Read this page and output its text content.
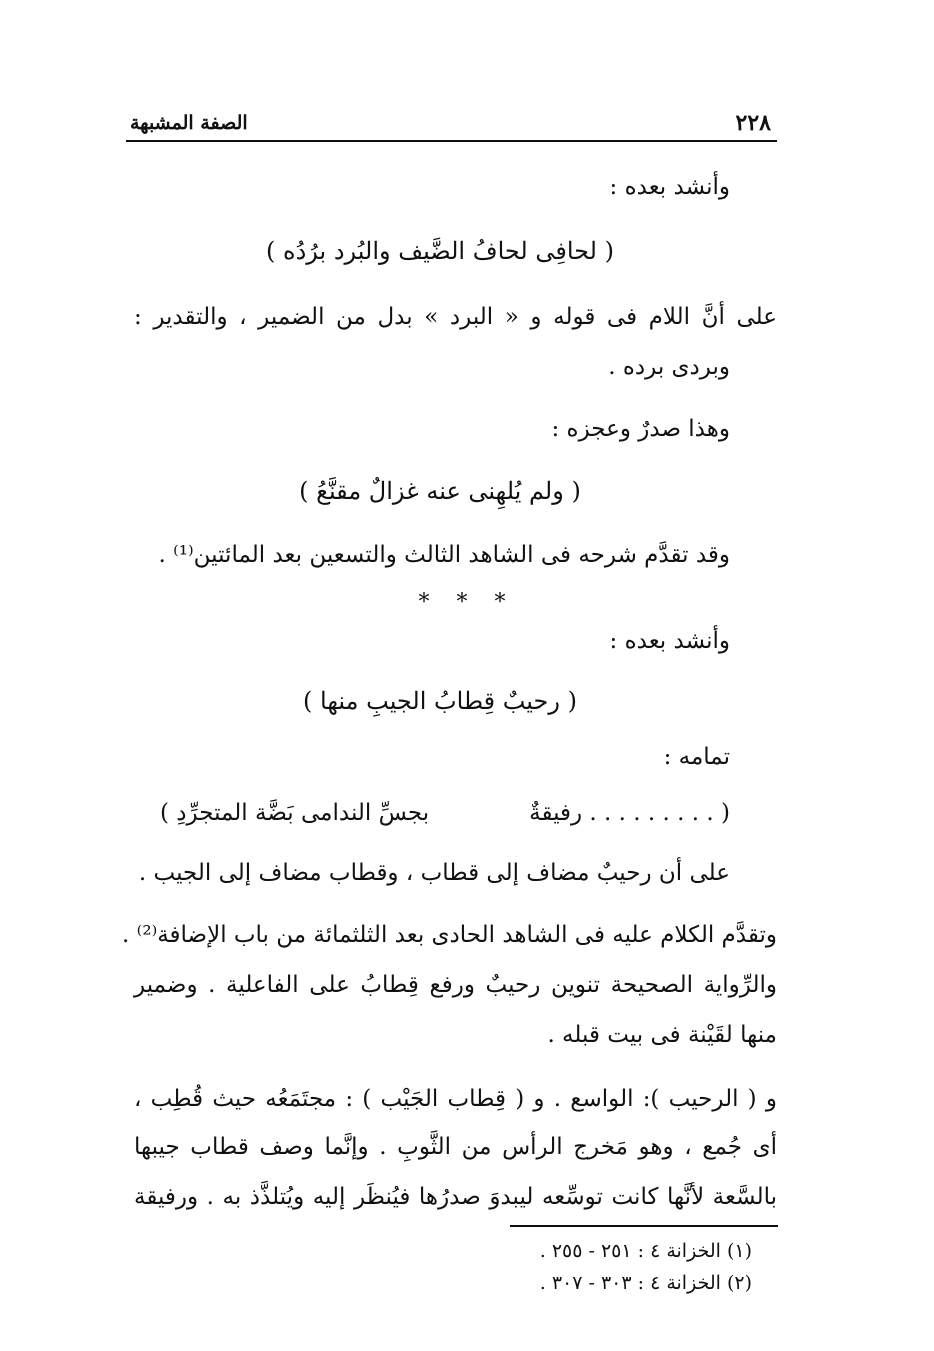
٢٢٨
الصفة المشبهة
وأنشد بعده :
( لحافِى لحافُ الضَّيف والبُرد برُدُه )
على أنَّ اللام فى قوله و « البرد » بدل من الضمير ، والتقدير :
وبردى برده .
وهذا صدرٌ وعجزه :
( ولم يُلهِنى عنه غزالٌ مقنَّعُ )
وقد تقدَّم شرحه فى الشاهد الثالث والتسعين بعد المائتين⁽¹⁾ .
* * *
وأنشد بعده :
( رحيبٌ قِطابُ الجيبِ منها )
تمامه :
( . . . . . . . . . رفيقةٌ
بجسِّ الندامى بَضَّة المتجرِّدِ )
على أن رحيبٌ مضاف إلى قطاب ، وقطاب مضاف إلى الجيب .
وتقدَّم الكلام عليه فى الشاهد الحادى بعد الثلثمائة من باب الإضافة⁽²⁾ .
والرِّواية الصحيحة تنوين رحيبٌ ورفع قِطابُ على الفاعلية . وضمير
منها لقَيْنة فى بيت قبله .
و ( الرحيب ): الواسع . و ( قِطاب الجَيْب ) : مجتَمَعُه حيث قُطِب ،
أى جُمع ، وهو مَخرج الرأس من الثَّوبِ . وإنَّما وصف قطاب جيبها
بالسَّعة لأنَّها كانت توسِّعه ليبدوَ صدرُها فيُنظَر إليه ويُتلذَّذ به . ورفيقة
(١) الخزانة ٤ : ٢٥١ - ٢٥٥ .
(٢) الخزانة ٤ : ٣٠٣ - ٣٠٧ .
